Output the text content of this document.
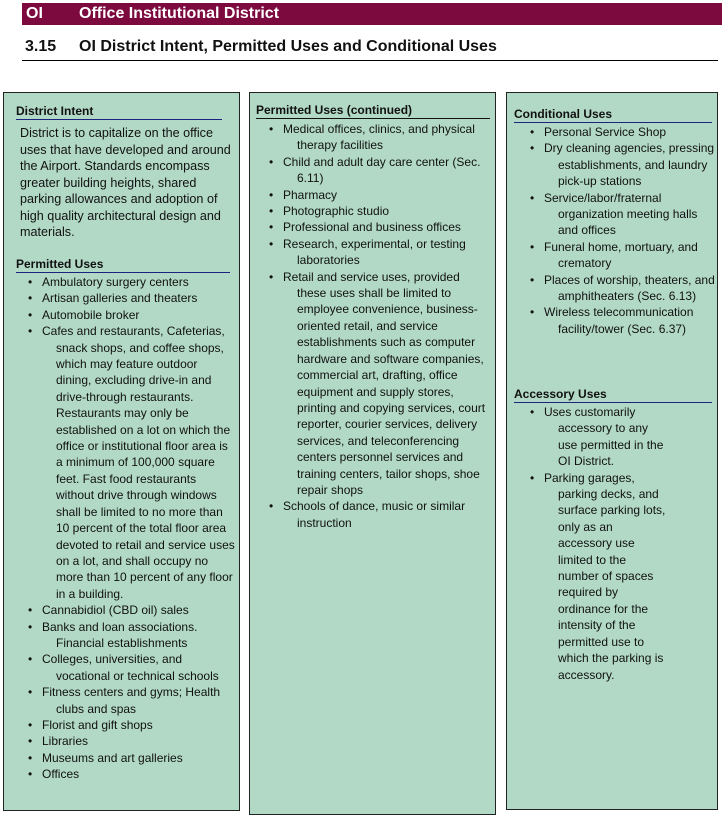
OI Office Institutional District
3.15 OI District Intent, Permitted Uses and Conditional Uses
District Intent
District is to capitalize on the office uses that have developed and around the Airport. Standards encompass greater building heights, shared parking allowances and adoption of high quality architectural design and materials.
Permitted Uses
• Ambulatory surgery centers
• Artisan galleries and theaters
• Automobile broker
• Cafes and restaurants, Cafeterias, snack shops, and coffee shops, which may feature outdoor dining, excluding drive-in and drive-through restaurants. Restaurants may only be established on a lot on which the office or institutional floor area is a minimum of 100,000 square feet. Fast food restaurants without drive through windows shall be limited to no more than 10 percent of the total floor area devoted to retail and service uses on a lot, and shall occupy no more than 10 percent of any floor in a building.
• Cannabidiol (CBD oil) sales
• Banks and loan associations. Financial establishments
• Colleges, universities, and vocational or technical schools
• Fitness centers and gyms; Health clubs and spas
• Florist and gift shops
• Libraries
• Museums and art galleries
• Offices
Permitted Uses (continued)
• Medical offices, clinics, and physical therapy facilities
• Child and adult day care center (Sec. 6.11)
• Pharmacy
• Photographic studio
• Professional and business offices
• Research, experimental, or testing laboratories
• Retail and service uses, provided these uses shall be limited to employee convenience, business-oriented retail, and service establishments such as computer hardware and software companies, commercial art, drafting, office equipment and supply stores, printing and copying services, court reporter, courier services, delivery services, and teleconferencing centers personnel services and training centers, tailor shops, shoe repair shops
• Schools of dance, music or similar instruction
Conditional Uses
• Personal Service Shop
• Dry cleaning agencies, pressing establishments, and laundry pick-up stations
• Service/labor/fraternal organization meeting halls and offices
• Funeral home, mortuary, and crematory
• Places of worship, theaters, and amphitheaters (Sec. 6.13)
• Wireless telecommunication facility/tower (Sec. 6.37)
Accessory Uses
• Uses customarily accessory to any use permitted in the OI District.
• Parking garages, parking decks, and surface parking lots, only as an accessory use limited to the number of spaces required by ordinance for the intensity of the permitted use to which the parking is accessory.
